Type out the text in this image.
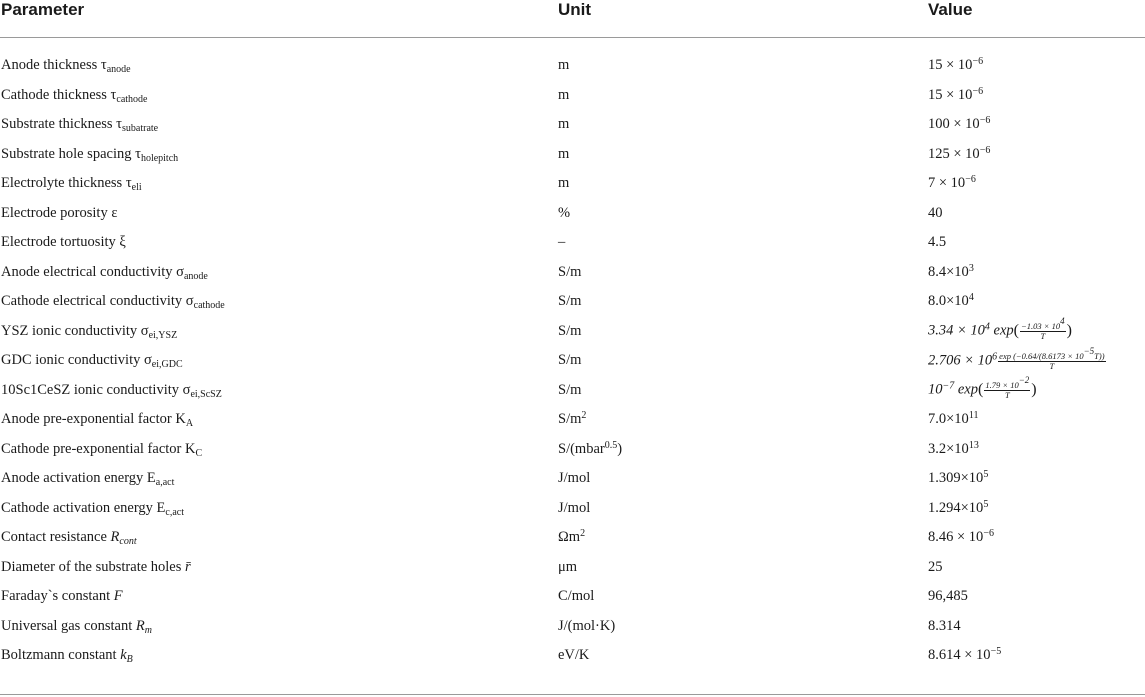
Parameter	Unit	Value
Anode thickness $\tau_{anode}$	m	$15 \times 10^{-6}$
Cathode thickness $\tau_{cathode}$	m	$15 \times 10^{-6}$
Substrate thickness $\tau_{subatrate}$	m	$100 \times 10^{-6}$
Substrate hole spacing $\tau_{holepitch}$	m	$125 \times 10^{-6}$
Electrolyte thickness $\tau_{eli}$	m	$7 \times 10^{-6}$
Electrode porosity ε	%	40
Electrode tortuosity ξ	–	4.5
Anode electrical conductivity $\sigma_{anode}$	S/m	$8.4\times 10^3$
Cathode electrical conductivity $\sigma_{cathode}$	S/m	$8.0\times 10^4$
YSZ ionic conductivity $\sigma_{ei,YSZ}$	S/m	$3.34 \times 10^4$ $\exp( \frac{-1.03 \times 10^4}{T}$ )
GDC ionic conductivity $\sigma_{ei,GDC}$	S/m	$2.706 \times 10^6 \frac{\exp (-0.64/(8.6173 \times 10^{-5}T))}{T}$
10Sc1CeSZ ionic conductivity $\sigma_{ei,ScSZ}$	S/m	$10^{-7}$ $\exp( \frac{1.79 \times 10^{-2}}{T}$ )
Anode pre-exponential factor $K_A$	$S/m^2$	$7.0\times 10^{11}$
Cathode pre-exponential factor $K_C$	S/(mbar$^{0.5}$)	$3.2\times 10^{13}$
Anode activation energy $E_{a,act}$	J/mol	$1.309\times 10^5$
Cathode activation energy $E_{c,act}$	J/mol	$1.294\times 10^5$
Contact resistance $R_{cont}$	$\Omega m^2$	$8.46 \times 10^{-6}$
Diameter of the substrate holes r̄	μm	25
Faraday`s constant F	C/mol	96,485
Universal gas constant $R_m$	J/(mol·K)	8.314
Boltzmann constant $k_B$	eV/K	$8.614 \times 10^{-5}$
